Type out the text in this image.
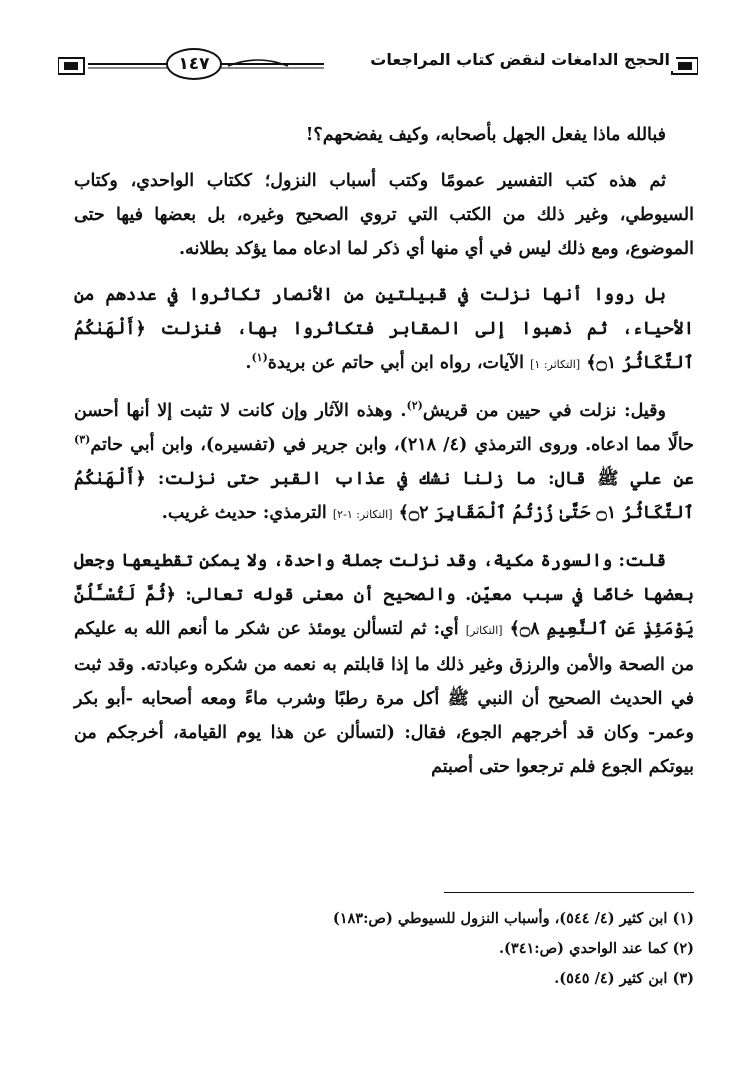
١٤٧	الحجج الدامغات لنقض كتاب المراجعات

فبالله ماذا يفعل الجهل بأصحابه، وكيف يفضحهم؟!

ثم هذه كتب التفسير عمومًا وكتب أسباب النزول؛ ككتاب الواحدي، وكتاب السيوطي، وغير ذلك من الكتب التي تروي الصحيح وغيره، بل بعضها فيها حتى الموضوع، ومع ذلك ليس في أي منها أي ذكر لما ادعاه مما يؤكد بطلانه.

بل رووا أنها نزلت في قبيلتين من الأنصار تكاثروا في عددهم من الأحياء، ثم ذهبوا إلى المقابر فتكاثروا بها، فنزلت ﴿أَلْهَىٰكُمُ ٱلتَّكَاثُرُ ۝١﴾ [التكاثر: ١] الآيات، رواه ابن أبي حاتم عن بريدة$^{(١)}$.

وقيل: نزلت في حيين من قريش$^{(٢)}$. وهذه الآثار وإن كانت لا تثبت إلا أنها أحسن حالًا مما ادعاه. وروى الترمذي (٤/ ٢١٨)، وابن جرير في (تفسيره)، وابن أبي حاتم$^{(٣)}$ عن علي ﷺ قال: ما زلنا نشك في عذاب القبر حتى نزلت: ﴿أَلْهَىٰكُمُ ٱلتَّكَاثُرُ ۝١ حَتَّىٰ زُرْتُمُ ٱلْمَقَابِرَ ۝٢﴾ [التكاثر: ١-٢] الترمذي: حديث غريب.

قلت: والسورة مكية، وقد نزلت جملة واحدة، ولا يمكن تقطيعها وجعل بعضها خاصًا في سبب معيّن. والصحيح أن معنى قوله تعالى: ﴿ثُمَّ لَتُسْـَٔلُنَّ يَوْمَئِذٍ عَنِ ٱلنَّعِيمِ ۝٨﴾ [التكاثر] أي: ثم لتسألن يومئذ عن شكر ما أنعم الله به عليكم من الصحة والأمن والرزق وغير ذلك ما إذا قابلتم به نعمه من شكره وعبادته. وقد ثبت في الحديث الصحيح أن النبي ﷺ أكل مرة رطبًا وشرب ماءً ومعه أصحابه -أبو بكر وعمر- وكان قد أخرجهم الجوع، فقال: (لتسألن عن هذا يوم القيامة، أخرجكم من بيوتكم الجوع فلم ترجعوا حتى أصبتم

(١) ابن كثير (٤/ ٥٤٤)، وأسباب النزول للسيوطي (ص:١٨٣)
(٢) كما عند الواحدي (ص:٣٤١).
(٣) ابن كثير (٤/ ٥٤٥).
